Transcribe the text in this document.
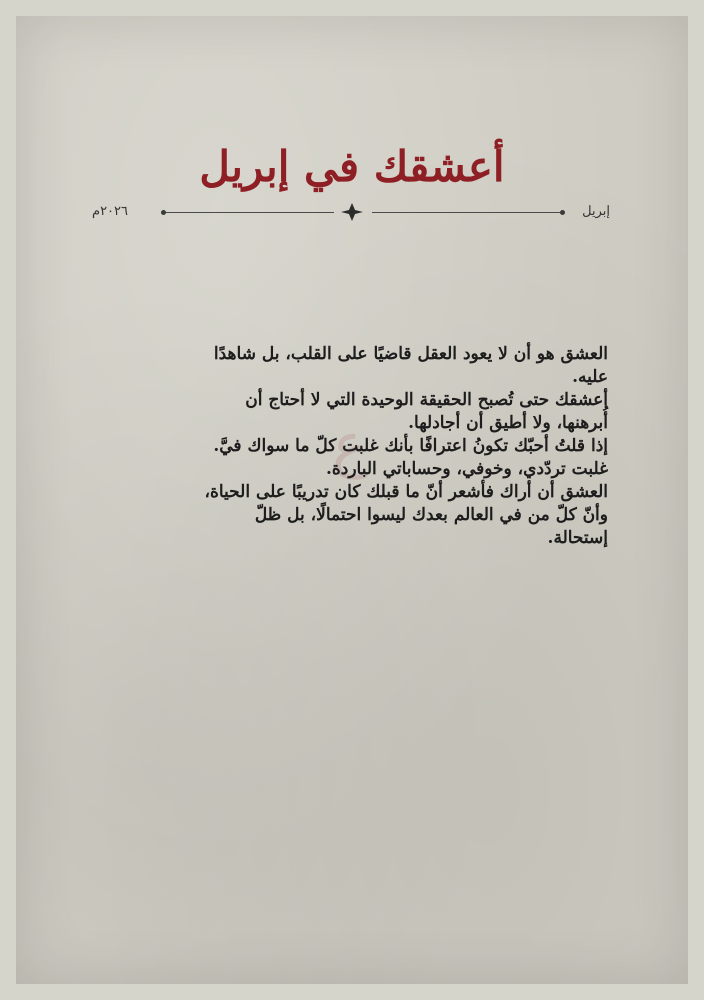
ع
أعشقك في إبريل
إبريل
٢٠٢٦م
العشق هو أن لا يعود العقل قاضيًا على القلب، بل شاهدًا
عليه.
أعشقك حتى تُصبح الحقيقة الوحيدة التي لا أحتاج أن
أُبرهنها، ولا أطيق أن أجادلها.
إذا قلتُ أحبّك تكونُ اعترافًا بأنك غلبت كلّ ما سواك فيَّ.
غلبت تردّدي، وخوفي، وحساباتي الباردة.
العشق أن أراك فأشعر أنّ ما قبلك كان تدريبًا على الحياة،
وأنّ كلّ من في العالم بعدك ليسوا احتمالًا، بل ظلّ
إستحالة.
